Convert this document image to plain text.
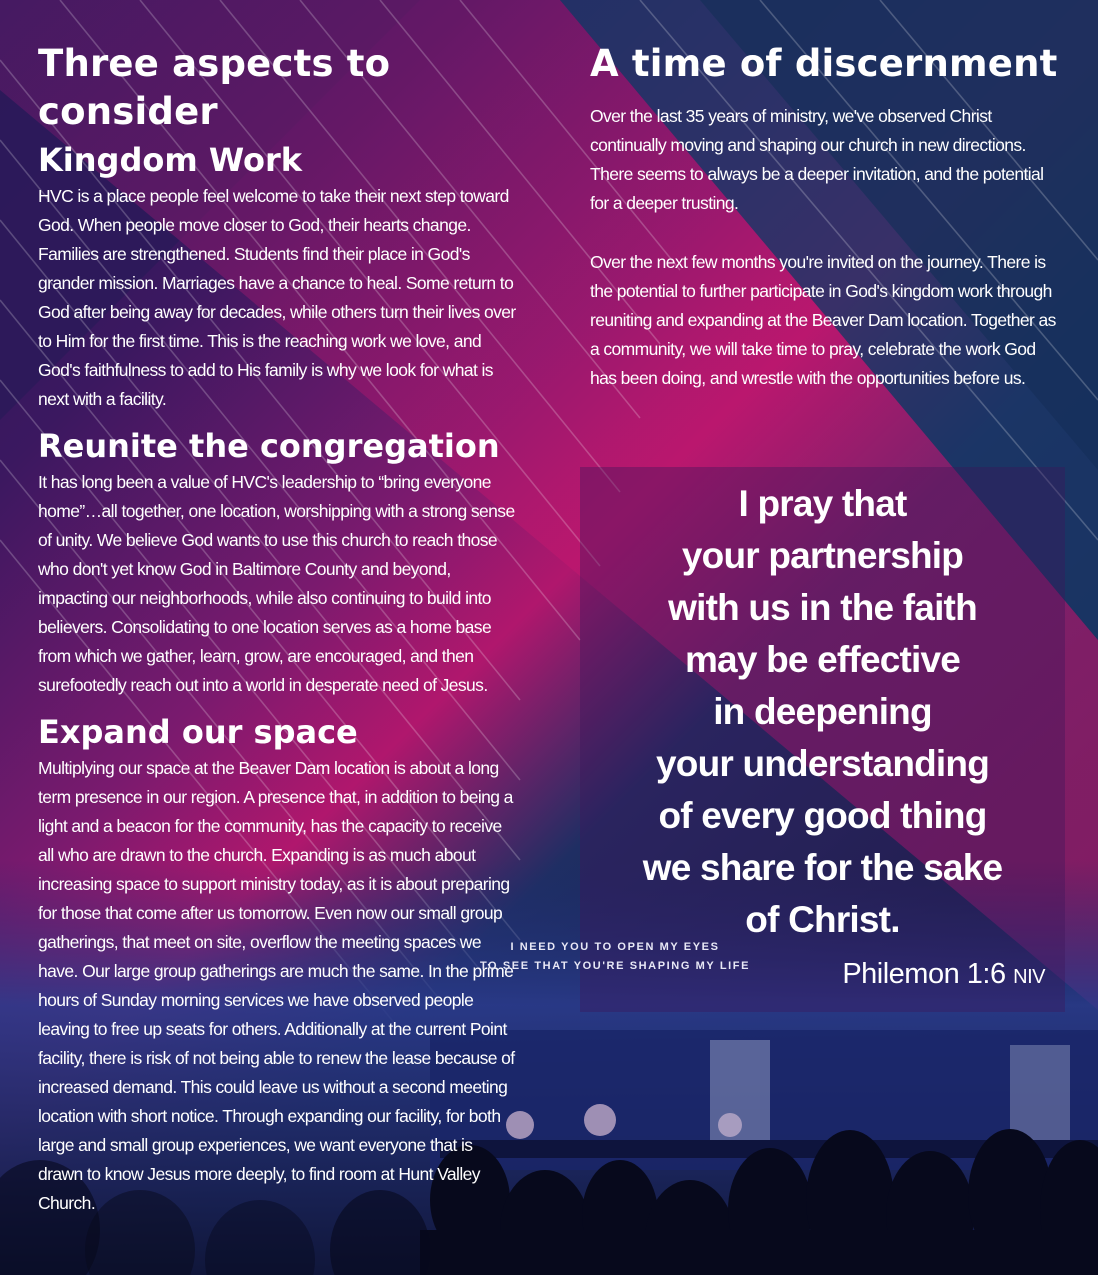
Three aspects to consider
Kingdom Work

HVC is a place people feel welcome to take their next step toward God. When people move closer to God, their hearts change. Families are strengthened. Students find their place in God's grander mission. Marriages have a chance to heal. Some return to God after being away for decades, while others turn their lives over to Him for the first time. This is the reaching work we love, and God's faithfulness to add to His family is why we look for what is next with a facility.

Reunite the congregation

It has long been a value of HVC's leadership to “bring everyone home”…all together, one location, worshipping with a strong sense of unity. We believe God wants to use this church to reach those who don't yet know God in Baltimore County and beyond, impacting our neighborhoods, while also continuing to build into believers. Consolidating to one location serves as a home base from which we gather, learn, grow, are encouraged, and then surefootedly reach out into a world in desperate need of Jesus.

Expand our space

Multiplying our space at the Beaver Dam location is about a long term presence in our region. A presence that, in addition to being a light and a beacon for the community, has the capacity to receive all who are drawn to the church. Expanding is as much about increasing space to support ministry today, as it is about preparing for those that come after us tomorrow. Even now our small group gatherings, that meet on site, overflow the meeting spaces we have. Our large group gatherings are much the same. In the prime hours of Sunday morning services we have observed people leaving to free up seats for others. Additionally at the current Point facility, there is risk of not being able to renew the lease because of increased demand. This could leave us without a second meeting location with short notice. Through expanding our facility, for both large and small group experiences, we want everyone that is drawn to know Jesus more deeply, to find room at Hunt Valley Church.

A time of discernment

Over the last 35 years of ministry, we've observed Christ continually moving and shaping our church in new directions. There seems to always be a deeper invitation, and the potential for a deeper trusting.

Over the next few months you're invited on the journey. There is the potential to further participate in God's kingdom work through reuniting and expanding at the Beaver Dam location. Together as a community, we will take time to pray, celebrate the work God has been doing, and wrestle with the opportunities before us.

I pray that
your partnership
with us in the faith
may be effective
in deepening
your understanding
of every good thing
we share for the sake
of Christ.
Philemon 1:6 NIV
I NEED YOU TO OPEN MY EYES
TO SEE THAT YOU'RE SHAPING MY LIFE
